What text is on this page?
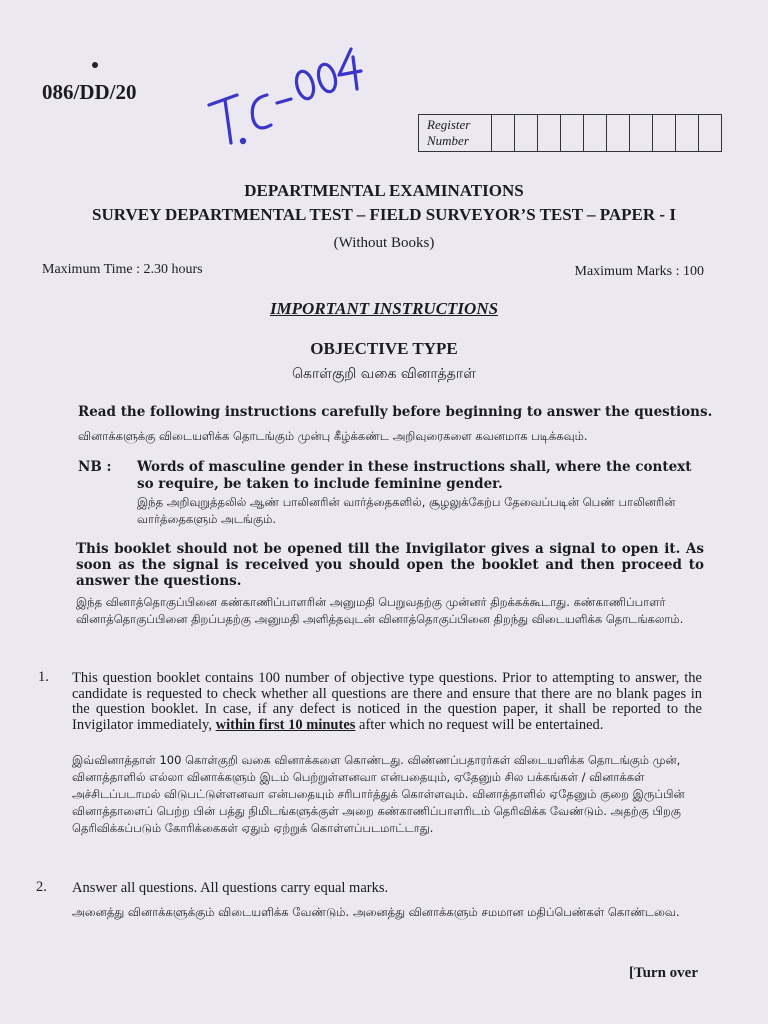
086/DD/20
Register
Number
DEPARTMENTAL EXAMINATIONS
SURVEY DEPARTMENTAL TEST – FIELD SURVEYOR’S TEST – PAPER - I
(Without Books)
Maximum Time : 2.30 hours	Maximum Marks : 100
IMPORTANT INSTRUCTIONS
OBJECTIVE TYPE
கொள்குறி வகை வினாத்தாள்
Read the following instructions carefully before beginning to answer the questions.
வினாக்களுக்கு விடையளிக்க தொடங்கும் முன்பு கீழ்க்கண்ட அறிவுரைகளை கவனமாக படிக்கவும்.
NB : Words of masculine gender in these instructions shall, where the context so require, be taken to include feminine gender.
இந்த அறிவுறுத்தலில் ஆண் பாலினரின் வார்த்தைகளில், சூழலுக்கேற்ப தேவைப்படின் பெண் பாலினரின் வார்த்தைகளும் அடங்கும்.
This booklet should not be opened till the Invigilator gives a signal to open it. As soon as the signal is received you should open the booklet and then proceed to answer the questions.
இந்த வினாத்தொகுப்பினை கண்காணிப்பாளரின் அனுமதி பெறுவதற்கு முன்னர் திறக்கக்கூடாது. கண்காணிப்பாளர் வினாத்தொகுப்பினை திறப்பதற்கு அனுமதி அளித்தவுடன் வினாத்தொகுப்பினை திறந்து விடையளிக்க தொடங்கலாம்.
1. This question booklet contains 100 number of objective type questions. Prior to attempting to answer, the candidate is requested to check whether all questions are there and ensure that there are no blank pages in the question booklet. In case, if any defect is noticed in the question paper, it shall be reported to the Invigilator immediately, within first 10 minutes after which no request will be entertained.
இவ்வினாத்தாள் 100 கொள்குறி வகை வினாக்களை கொண்டது. விண்ணப்பதாரர்கள் விடையளிக்க தொடங்கும் முன், வினாத்தாளில் எல்லா வினாக்களும் இடம் பெற்றுள்ளனவா என்பதையும், ஏதேனும் சில பக்கங்கள் / வினாக்கள் அச்சிடப்படாமல் விடுபட்டுள்ளனவா என்பதையும் சரிபார்த்துக் கொள்ளவும். வினாத்தாளில் ஏதேனும் குறை இருப்பின் வினாத்தாளைப் பெற்ற பின் பத்து நிமிடங்களுக்குள் அறை கண்காணிப்பாளரிடம் தெரிவிக்க வேண்டும். அதற்கு பிறகு தெரிவிக்கப்படும் கோரிக்கைகள் ஏதும் ஏற்றுக் கொள்ளப்படமாட்டாது.
2. Answer all questions. All questions carry equal marks.
அனைத்து வினாக்களுக்கும் விடையளிக்க வேண்டும். அனைத்து வினாக்களும் சமமான மதிப்பெண்கள் கொண்டவை.
[Turn over
